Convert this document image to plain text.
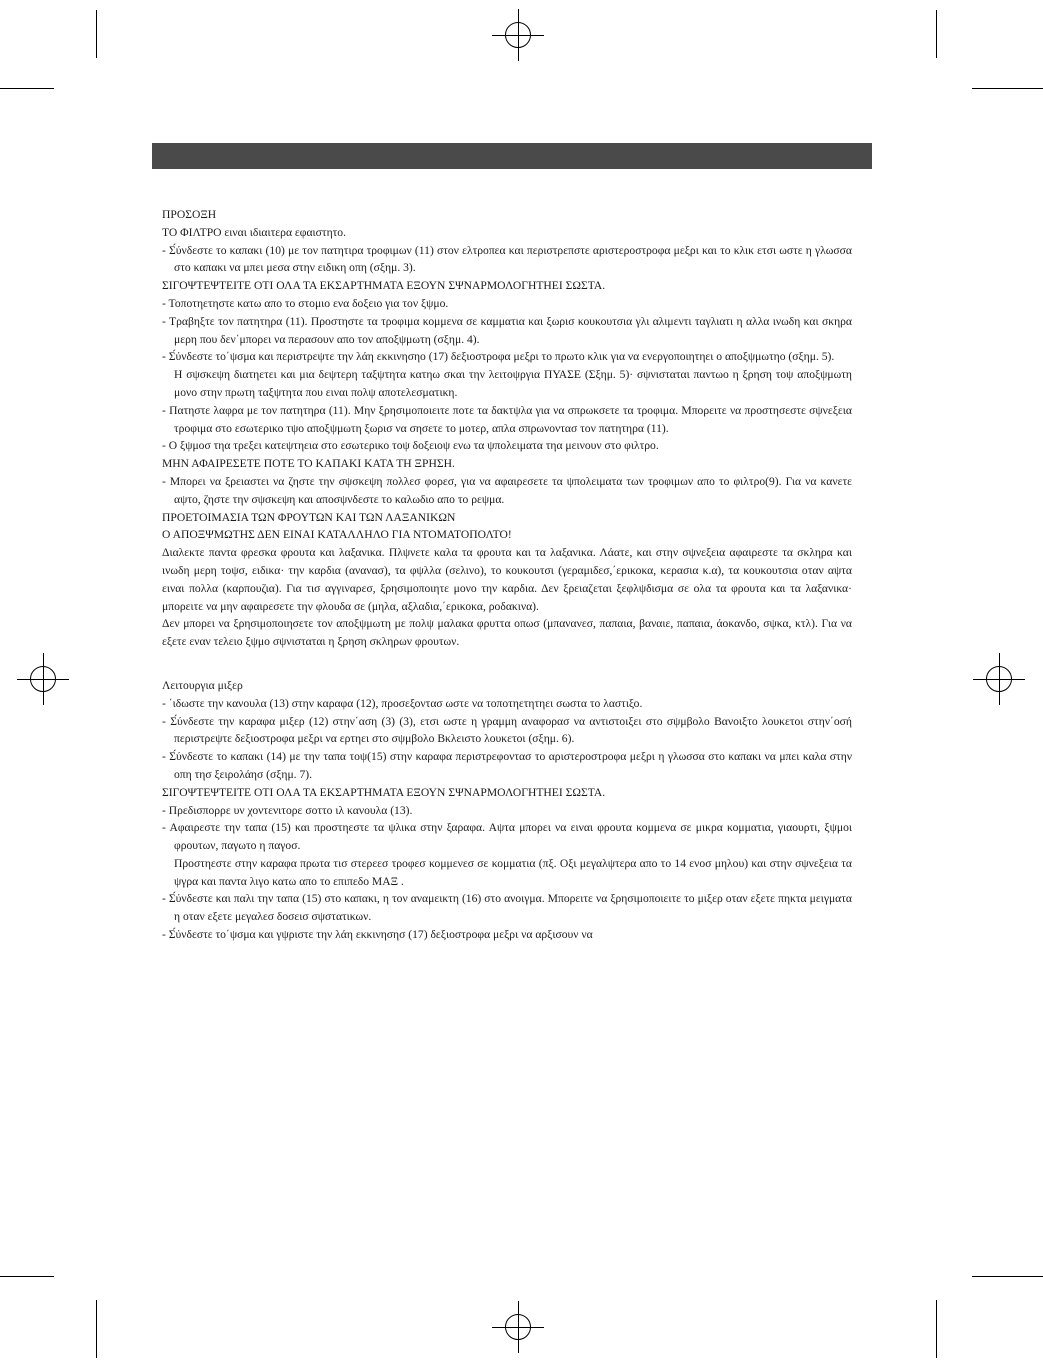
ΠΡΟΣΟΞΗ

ΤΟ ΦΙΛΤΡΟ ειναι ιδιαιτερα εφαιστητο.

- Σ́ύνδεστε το καπακι (10) με τον πατητιρα τροφιμων (11) στον ελτροπεα και περιστρεπστε αριστεροστροφα μεξρι και το κλικ ετσι ωστε η γλωσσα στο καπακι να μπει μεσα στην ειδικη οπη (σξημ. 3).

ΣΙΓΟΨΤΕΨΤΕΙΤΕ ΟΤΙ ΟΛΑ ΤΑ ΕΚΣΑΡΤΗΜΑΤΑ ΕΞΟΥΝ ΣΨΝΑΡΜΟΛΟΓΗΤΗΕΙ ΣΩΣΤΑ.

- Τοποτηετηστε κατω απο το στομιο ενα δοξειο για τον ξψμο.

- Τραβηξτε τον πατητηρα (11). Προστηστε τα τροφιμα κομμενα σε καμματια και ξωρισ κουκουτσια γλι αλιμεντι ταγλιατι η αλλα ινωδη και σκηρα μερη που δεν΄μπορει να περασουν απο τον αποξψμωτη (σξημ. 4).

- Σ́ύνδεστε το΄ψσμα και περιστρεψτε την λάη εκκινησηο (17) δεξιοστροφα μεξρι το πρωτο κλικ για να ενεργοποιητηει ο αποξψμωτηο (σξημ. 5).

Η σψσκεψη διατηετει και μια δεψτερη ταξψτητα κατηω σκαι την λειτοψργια ΠΥΑΣΕ (Σξημ. 5)· σψνισταται παντωο η ξρηση τοψ αποξψμωτη μονο στην πρωτη ταξψτητα που ειναι πολψ αποτελεσματικη.

- Πατηστε λαφρα με τον πατητηρα (11). Μην ξρησιμοποιειτε ποτε τα δακτψλα για να σπρωκσετε τα τροφιμα. Μπορειτε να προστησεστε σψνεξεια τροφιμα στο εσωτερικο τψο αποξψμωτη ξωρισ να σησετε το μοτερ, απλα σπρωνοντασ τον πατητηρα (11).

- Ο ξψμοσ τηα τρεξει κατεψτηεια στο εσωτερικο τοψ δοξειοψ ενω τα ψπολειματα τηα μεινουν στο φιλτρο.

ΜΗΝ ΑΦΑΙΡΕΣΕΤΕ ΠΟΤΕ ΤΟ ΚΑΠΑΚΙ ΚΑΤΑ ΤΗ ΞΡΗΣΗ.

- Μπορει να ξρειαστει να ζηστε την σψσκεψη πολλεσ φορεσ, για να αφαιρεσετε τα ψπολειματα των τροφιμων απο το φιλτρο(9). Για να κανετε αψτο, ζηστε την σψσκεψη και αποσψνδεστε το καλωδιο απο το ρεψμα.

ΠΡΟΕΤΟΙΜΑΣΙΑ ΤΩΝ ΦΡΟΥΤΩΝ ΚΑΙ ΤΩΝ ΛΑΞΑΝΙΚΩΝ

Ο ΑΠΟΞΨΜΩΤΗΣ ΔΕΝ ΕΙΝΑΙ ΚΑΤΑΛΛΗΛΟ ΓΙΑ ΝΤΟΜΑΤΟΠΟΛΤΟ!

Διαλεκτε παντα φρεσκα φρουτα και λαξανικα. Πλψνετε καλα τα φρουτα και τα λαξανικα. Λάατε, και στην σψνεξεια αφαιρεστε τα σκληρα και ινωδη μερη τοψσ, ειδικα· την καρδια (ανανασ), τα φψλλα (σελινο), το κουκουτσι (γεραμιδεσ,΄ερικοκα, κερασια κ.α), τα κουκουτσια οταν αψτα ειναι πολλα (καρπουζια). Για τισ αγγιναρεσ, ξρησιμοποιητε μονο την καρδια. Δεν ξρειαζεται ξεφλψδισμα σε ολα τα φρουτα και τα λαξανικα· μπορειτε να μην αφαιρεσετε την φλουδα σε (μηλα, αξλαδια,΄ερικοκα, ροδακινα).

Δεν μπορει να ξρησιμοποιησετε τον αποξψμωτη με πολψ μαλακα φρυττα οπωσ (μπανανεσ, παπαια, βαναιε, παπαια, άοκανδο, σψκα, κτλ). Για να εξετε εναν τελειο ξψμο σψνισταται η ξρηση σκληρων φρουτων.

Λειτουργια μιξερ

- ΄ιδωστε την κανουλα (13) στην καραφα (12), προσεξοντασ ωστε να τοποτηετητηει σωστα το λαστιξο.

- Σ́ύνδεστε την καραφα μιξερ (12) στην΄αση (3) (3), ετσι ωστε η γραμμη αναφορασ να αντιστοιξει στο σψμβολο Βανοιξτο λουκετοι στην΄οσή περιστρεψτε δεξιοστροφα μεξρι να ερτηει στο σψμβολο Βκλειστο λουκετοι (σξημ. 6).

- Σ́ύνδεστε το καπακι (14) με την ταπα τοψ(15) στην καραφα περιστρεφοντασ το αριστεροστροφα μεξρι η γλωσσα στο καπακι να μπει καλα στην οπη τησ ξειρολάησ (σξημ. 7).

ΣΙΓΟΨΤΕΨΤΕΙΤΕ ΟΤΙ ΟΛΑ ΤΑ ΕΚΣΑΡΤΗΜΑΤΑ ΕΞΟΥΝ ΣΨΝΑΡΜΟΛΟΓΗΤΗΕΙ ΣΩΣΤΑ.

- Πρεδισπορρε υν χοντενιτορε σοττο ιλ κανουλα (13).

- Αφαιρεστε την ταπα (15) και προστηεστε τα ψλικα στην ξαραφα. Αψτα μπορει να ειναι φρουτα κομμενα σε μικρα κομματια, γιαουρτι, ξψμοι φρουτων, παγωτο η παγοσ.

Προστηεστε στην καραφα πρωτα τισ στερεεσ τροφεσ κομμενεσ σε κομματια (πξ. Οξι μεγαλψτερα απο το 14 ενοσ μηλου) και στην σψνεξεια τα ψγρα και παντα λιγο κατω απο το επιπεδο ΜΑΞ .

- Σ́ύνδεστε και παλι την ταπα (15) στο καπακι, η τον αναμεικτη (16) στο ανοιγμα. Μπορειτε να ξρησιμοποιειτε το μιξερ οταν εξετε πηκτα μειγματα η οταν εξετε μεγαλεσ δοσεισ σψστατικων.

- Σ́ύνδεστε το΄ψσμα και γψριστε την λάη εκκινησησ (17) δεξιοστροφα μεξρι να αρξισουν να
